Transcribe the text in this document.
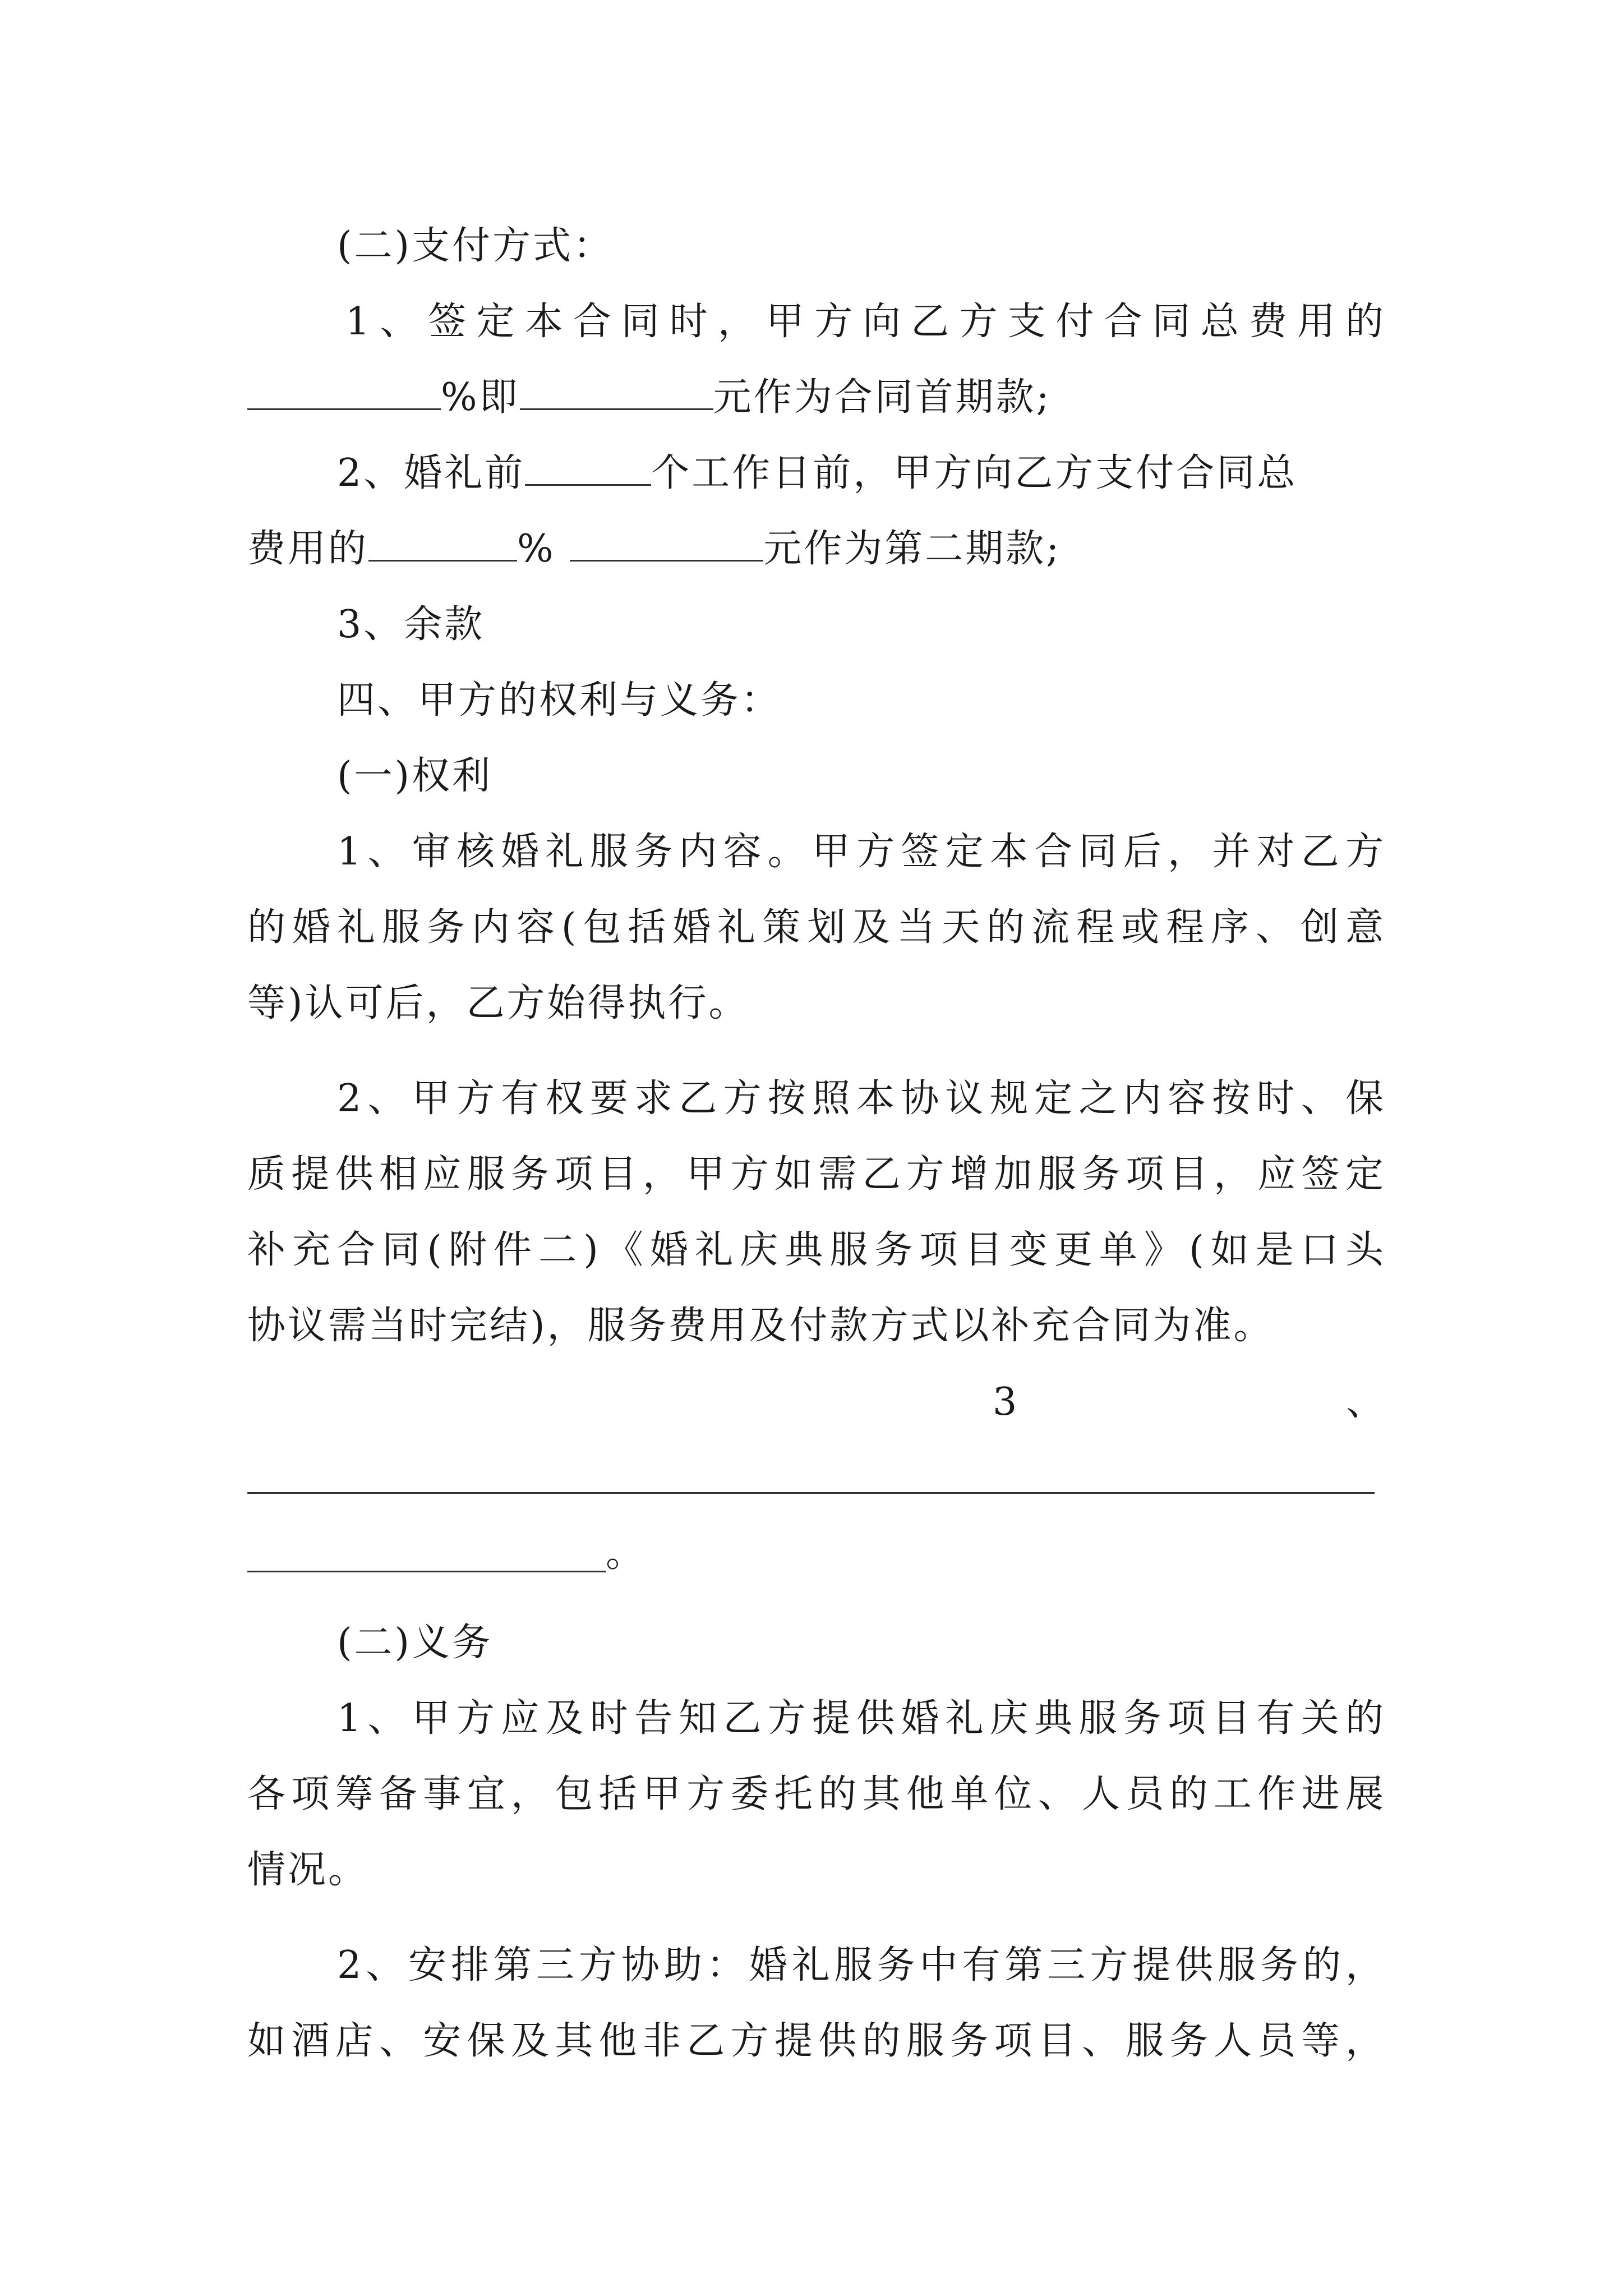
(二)支付方式：

1、签定本合同时，甲方向乙方支付合同总费用的

%即	元作为合同首期款;

2、婚礼前	个工作日前，甲方向乙方支付合同总

费用的	%	元作为第二期款;

3、余款

四、甲方的权利与义务：

(一)权利

1、审核婚礼服务内容。甲方签定本合同后，并对乙方

的婚礼服务内容(包括婚礼策划及当天的流程或程序、创意

等)认可后，乙方始得执行。

2、甲方有权要求乙方按照本协议规定之内容按时、保

质提供相应服务项目，甲方如需乙方增加服务项目，应签定

补充合同(附件二)《婚礼庆典服务项目变更单》(如是口头

协议需当时完结)，服务费用及付款方式以补充合同为准。

3	、
。

(二)义务

1、甲方应及时告知乙方提供婚礼庆典服务项目有关的

各项筹备事宜，包括甲方委托的其他单位、人员的工作进展

情况。

2、安排第三方协助：婚礼服务中有第三方提供服务的，

如酒店、安保及其他非乙方提供的服务项目、服务人员等，
